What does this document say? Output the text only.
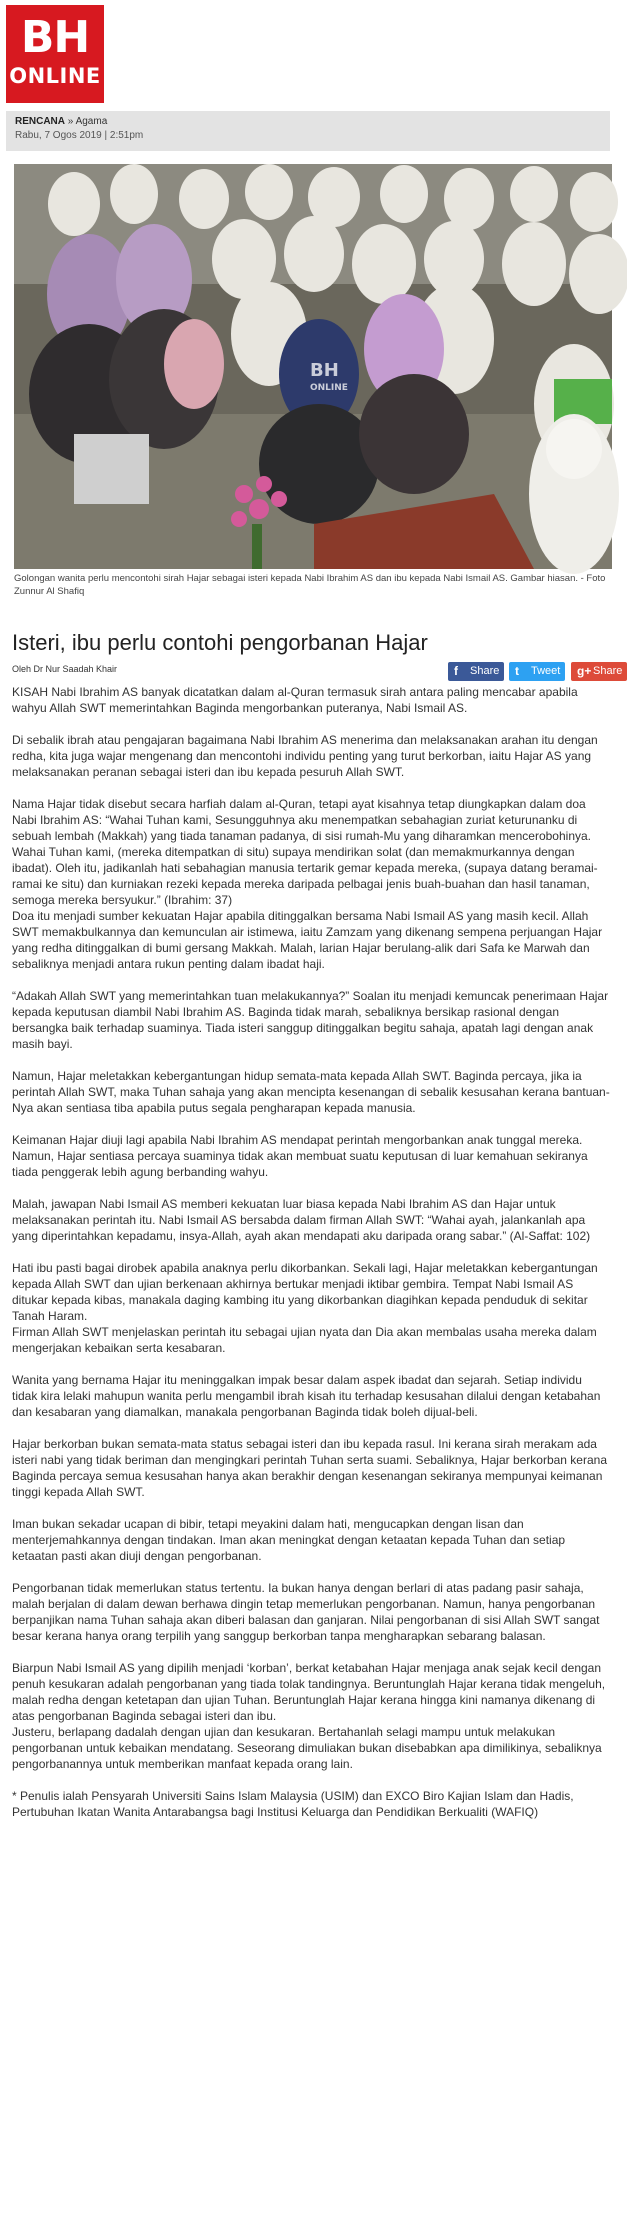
BH
ONLINE
RENCANA » Agama
Rabu, 7 Ogos 2019 | 2:51pm
BH
ONLINE
Golongan wanita perlu mencontohi sirah Hajar sebagai isteri kepada Nabi Ibrahim AS dan ibu kepada Nabi Ismail AS. Gambar hiasan. - Foto Zunnur Al Shafiq
Isteri, ibu perlu contohi pengorbanan Hajar
Oleh Dr Nur Saadah Khair	f Share	t Tweet	g+ Share

KISAH Nabi Ibrahim AS banyak dicatatkan dalam al-Quran termasuk sirah antara paling mencabar apabila wahyu Allah SWT memerintahkan Baginda mengorbankan puteranya, Nabi Ismail AS.

Di sebalik ibrah atau pengajaran bagaimana Nabi Ibrahim AS menerima dan melaksanakan arahan itu dengan redha, kita juga wajar mengenang dan mencontohi individu penting yang turut berkorban, iaitu Hajar AS yang melaksanakan peranan sebagai isteri dan ibu kepada pesuruh Allah SWT.

Nama Hajar tidak disebut secara harfiah dalam al-Quran, tetapi ayat kisahnya tetap diungkapkan dalam doa Nabi Ibrahim AS: “Wahai Tuhan kami, Sesungguhnya aku menempatkan sebahagian zuriat keturunanku di sebuah lembah (Makkah) yang tiada tanaman padanya, di sisi rumah-Mu yang diharamkan mencerobohinya. Wahai Tuhan kami, (mereka ditempatkan di situ) supaya mendirikan solat (dan memakmurkannya dengan ibadat). Oleh itu, jadikanlah hati sebahagian manusia tertarik gemar kepada mereka, (supaya datang beramai-ramai ke situ) dan kurniakan rezeki kepada mereka daripada pelbagai jenis buah-buahan dan hasil tanaman, semoga mereka bersyukur.” (Ibrahim: 37)

Doa itu menjadi sumber kekuatan Hajar apabila ditinggalkan bersama Nabi Ismail AS yang masih kecil. Allah SWT memakbulkannya dan kemunculan air istimewa, iaitu Zamzam yang dikenang sempena perjuangan Hajar yang redha ditinggalkan di bumi gersang Makkah. Malah, larian Hajar berulang-alik dari Safa ke Marwah dan sebaliknya menjadi antara rukun penting dalam ibadat haji.

“Adakah Allah SWT yang memerintahkan tuan melakukannya?” Soalan itu menjadi kemuncak penerimaan Hajar kepada keputusan diambil Nabi Ibrahim AS. Baginda tidak marah, sebaliknya bersikap rasional dengan bersangka baik terhadap suaminya. Tiada isteri sanggup ditinggalkan begitu sahaja, apatah lagi dengan anak masih bayi.

Namun, Hajar meletakkan kebergantungan hidup semata-mata kepada Allah SWT. Baginda percaya, jika ia perintah Allah SWT, maka Tuhan sahaja yang akan mencipta kesenangan di sebalik kesusahan kerana bantuan-Nya akan sentiasa tiba apabila putus segala pengharapan kepada manusia.

Keimanan Hajar diuji lagi apabila Nabi Ibrahim AS mendapat perintah mengorbankan anak tunggal mereka. Namun, Hajar sentiasa percaya suaminya tidak akan membuat suatu keputusan di luar kemahuan sekiranya tiada penggerak lebih agung berbanding wahyu.

Malah, jawapan Nabi Ismail AS memberi kekuatan luar biasa kepada Nabi Ibrahim AS dan Hajar untuk melaksanakan perintah itu. Nabi Ismail AS bersabda dalam firman Allah SWT: “Wahai ayah, jalankanlah apa yang diperintahkan kepadamu, insya-Allah, ayah akan mendapati aku daripada orang sabar.” (Al-Saffat: 102)

Hati ibu pasti bagai dirobek apabila anaknya perlu dikorbankan. Sekali lagi, Hajar meletakkan kebergantungan kepada Allah SWT dan ujian berkenaan akhirnya bertukar menjadi iktibar gembira. Tempat Nabi Ismail AS ditukar kepada kibas, manakala daging kambing itu yang dikorbankan diagihkan kepada penduduk di sekitar Tanah Haram.

Firman Allah SWT menjelaskan perintah itu sebagai ujian nyata dan Dia akan membalas usaha mereka dalam mengerjakan kebaikan serta kesabaran.

Wanita yang bernama Hajar itu meninggalkan impak besar dalam aspek ibadat dan sejarah. Setiap individu tidak kira lelaki mahupun wanita perlu mengambil ibrah kisah itu terhadap kesusahan dilalui dengan ketabahan dan kesabaran yang diamalkan, manakala pengorbanan Baginda tidak boleh dijual-beli.

Hajar berkorban bukan semata-mata status sebagai isteri dan ibu kepada rasul. Ini kerana sirah merakam ada isteri nabi yang tidak beriman dan mengingkari perintah Tuhan serta suami. Sebaliknya, Hajar berkorban kerana Baginda percaya semua kesusahan hanya akan berakhir dengan kesenangan sekiranya mempunyai keimanan tinggi kepada Allah SWT.

Iman bukan sekadar ucapan di bibir, tetapi meyakini dalam hati, mengucapkan dengan lisan dan menterjemahkannya dengan tindakan. Iman akan meningkat dengan ketaatan kepada Tuhan dan setiap ketaatan pasti akan diuji dengan pengorbanan.

Pengorbanan tidak memerlukan status tertentu. Ia bukan hanya dengan berlari di atas padang pasir sahaja, malah berjalan di dalam dewan berhawa dingin tetap memerlukan pengorbanan. Namun, hanya pengorbanan berpanjikan nama Tuhan sahaja akan diberi balasan dan ganjaran. Nilai pengorbanan di sisi Allah SWT sangat besar kerana hanya orang terpilih yang sanggup berkorban tanpa mengharapkan sebarang balasan.

Biarpun Nabi Ismail AS yang dipilih menjadi ‘korban’, berkat ketabahan Hajar menjaga anak sejak kecil dengan penuh kesukaran adalah pengorbanan yang tiada tolak tandingnya. Beruntunglah Hajar kerana tidak mengeluh, malah redha dengan ketetapan dan ujian Tuhan. Beruntunglah Hajar kerana hingga kini namanya dikenang di atas pengorbanan Baginda sebagai isteri dan ibu.

Justeru, berlapang dadalah dengan ujian dan kesukaran. Bertahanlah selagi mampu untuk melakukan pengorbanan untuk kebaikan mendatang. Seseorang dimuliakan bukan disebabkan apa dimilikinya, sebaliknya pengorbanannya untuk memberikan manfaat kepada orang lain.

* Penulis ialah Pensyarah Universiti Sains Islam Malaysia (USIM) dan EXCO Biro Kajian Islam dan Hadis, Pertubuhan Ikatan Wanita Antarabangsa bagi Institusi Keluarga dan Pendidikan Berkualiti (WAFIQ)
